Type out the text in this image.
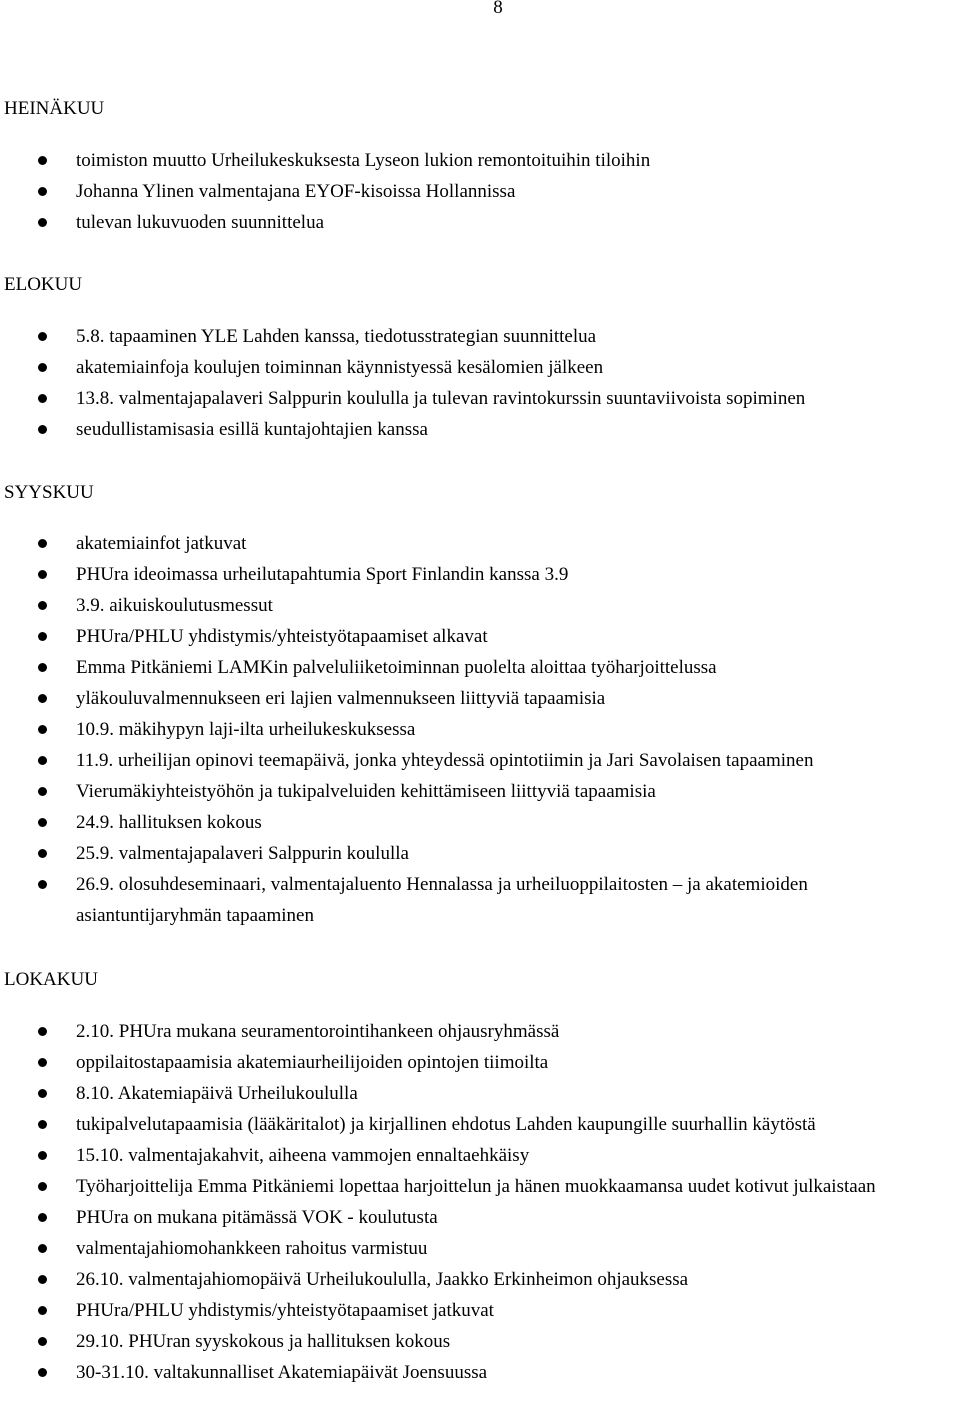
8
HEINÄKUU
toimiston muutto Urheilukeskuksesta Lyseon lukion remontoituihin tiloihin
Johanna Ylinen valmentajana EYOF-kisoissa Hollannissa
tulevan lukuvuoden suunnittelua
ELOKUU
5.8. tapaaminen YLE Lahden kanssa, tiedotusstrategian suunnittelua
akatemiainfoja koulujen toiminnan käynnistyessä kesälomien jälkeen
13.8. valmentajapalaveri Salppurin koululla ja tulevan ravintokurssin suuntaviivoista sopiminen
seudullistamisasia esillä kuntajohtajien kanssa
SYYSKUU
akatemiainfot jatkuvat
PHUra ideoimassa urheilutapahtumia Sport Finlandin kanssa 3.9
3.9. aikuiskoulutusmessut
PHUra/PHLU yhdistymis/yhteistyötapaamiset alkavat
Emma Pitkäniemi LAMKin palveluliiketoiminnan puolelta aloittaa työharjoittelussa
yläkouluvalmennukseen eri lajien valmennukseen liittyviä tapaamisia
10.9. mäkihypyn laji-ilta urheilukeskuksessa
11.9. urheilijan opinovi teemapäivä, jonka yhteydessä opintotiimin ja Jari Savolaisen tapaaminen
Vierumäkiyhteistyöhön ja tukipalveluiden kehittämiseen liittyviä tapaamisia
24.9. hallituksen kokous
25.9. valmentajapalaveri Salppurin koululla
26.9. olosuhdeseminaari, valmentajaluento Hennalassa ja urheiluoppilaitosten – ja akatemioiden asiantuntijaryhmän tapaaminen
LOKAKUU
2.10. PHUra mukana seuramentorointihankeen ohjausryhmässä
oppilaitostapaamisia akatemiaurheilijoiden opintojen tiimoilta
8.10. Akatemiapäivä Urheilukoululla
tukipalvelutapaamisia (lääkäritalot) ja kirjallinen ehdotus Lahden kaupungille suurhallin käytöstä
15.10. valmentajakahvit, aiheena vammojen ennaltaehkäisy
Työharjoittelija Emma Pitkäniemi lopettaa harjoittelun ja hänen muokkaamansa uudet kotivut julkaistaan
PHUra on mukana pitämässä VOK - koulutusta
valmentajahiomohankkeen rahoitus varmistuu
26.10. valmentajahiomopäivä Urheilukoululla, Jaakko Erkinheimon ohjauksessa
PHUra/PHLU yhdistymis/yhteistyötapaamiset jatkuvat
29.10. PHUran syyskokous ja hallituksen kokous
30-31.10. valtakunnalliset Akatemiapäivät Joensuussa
